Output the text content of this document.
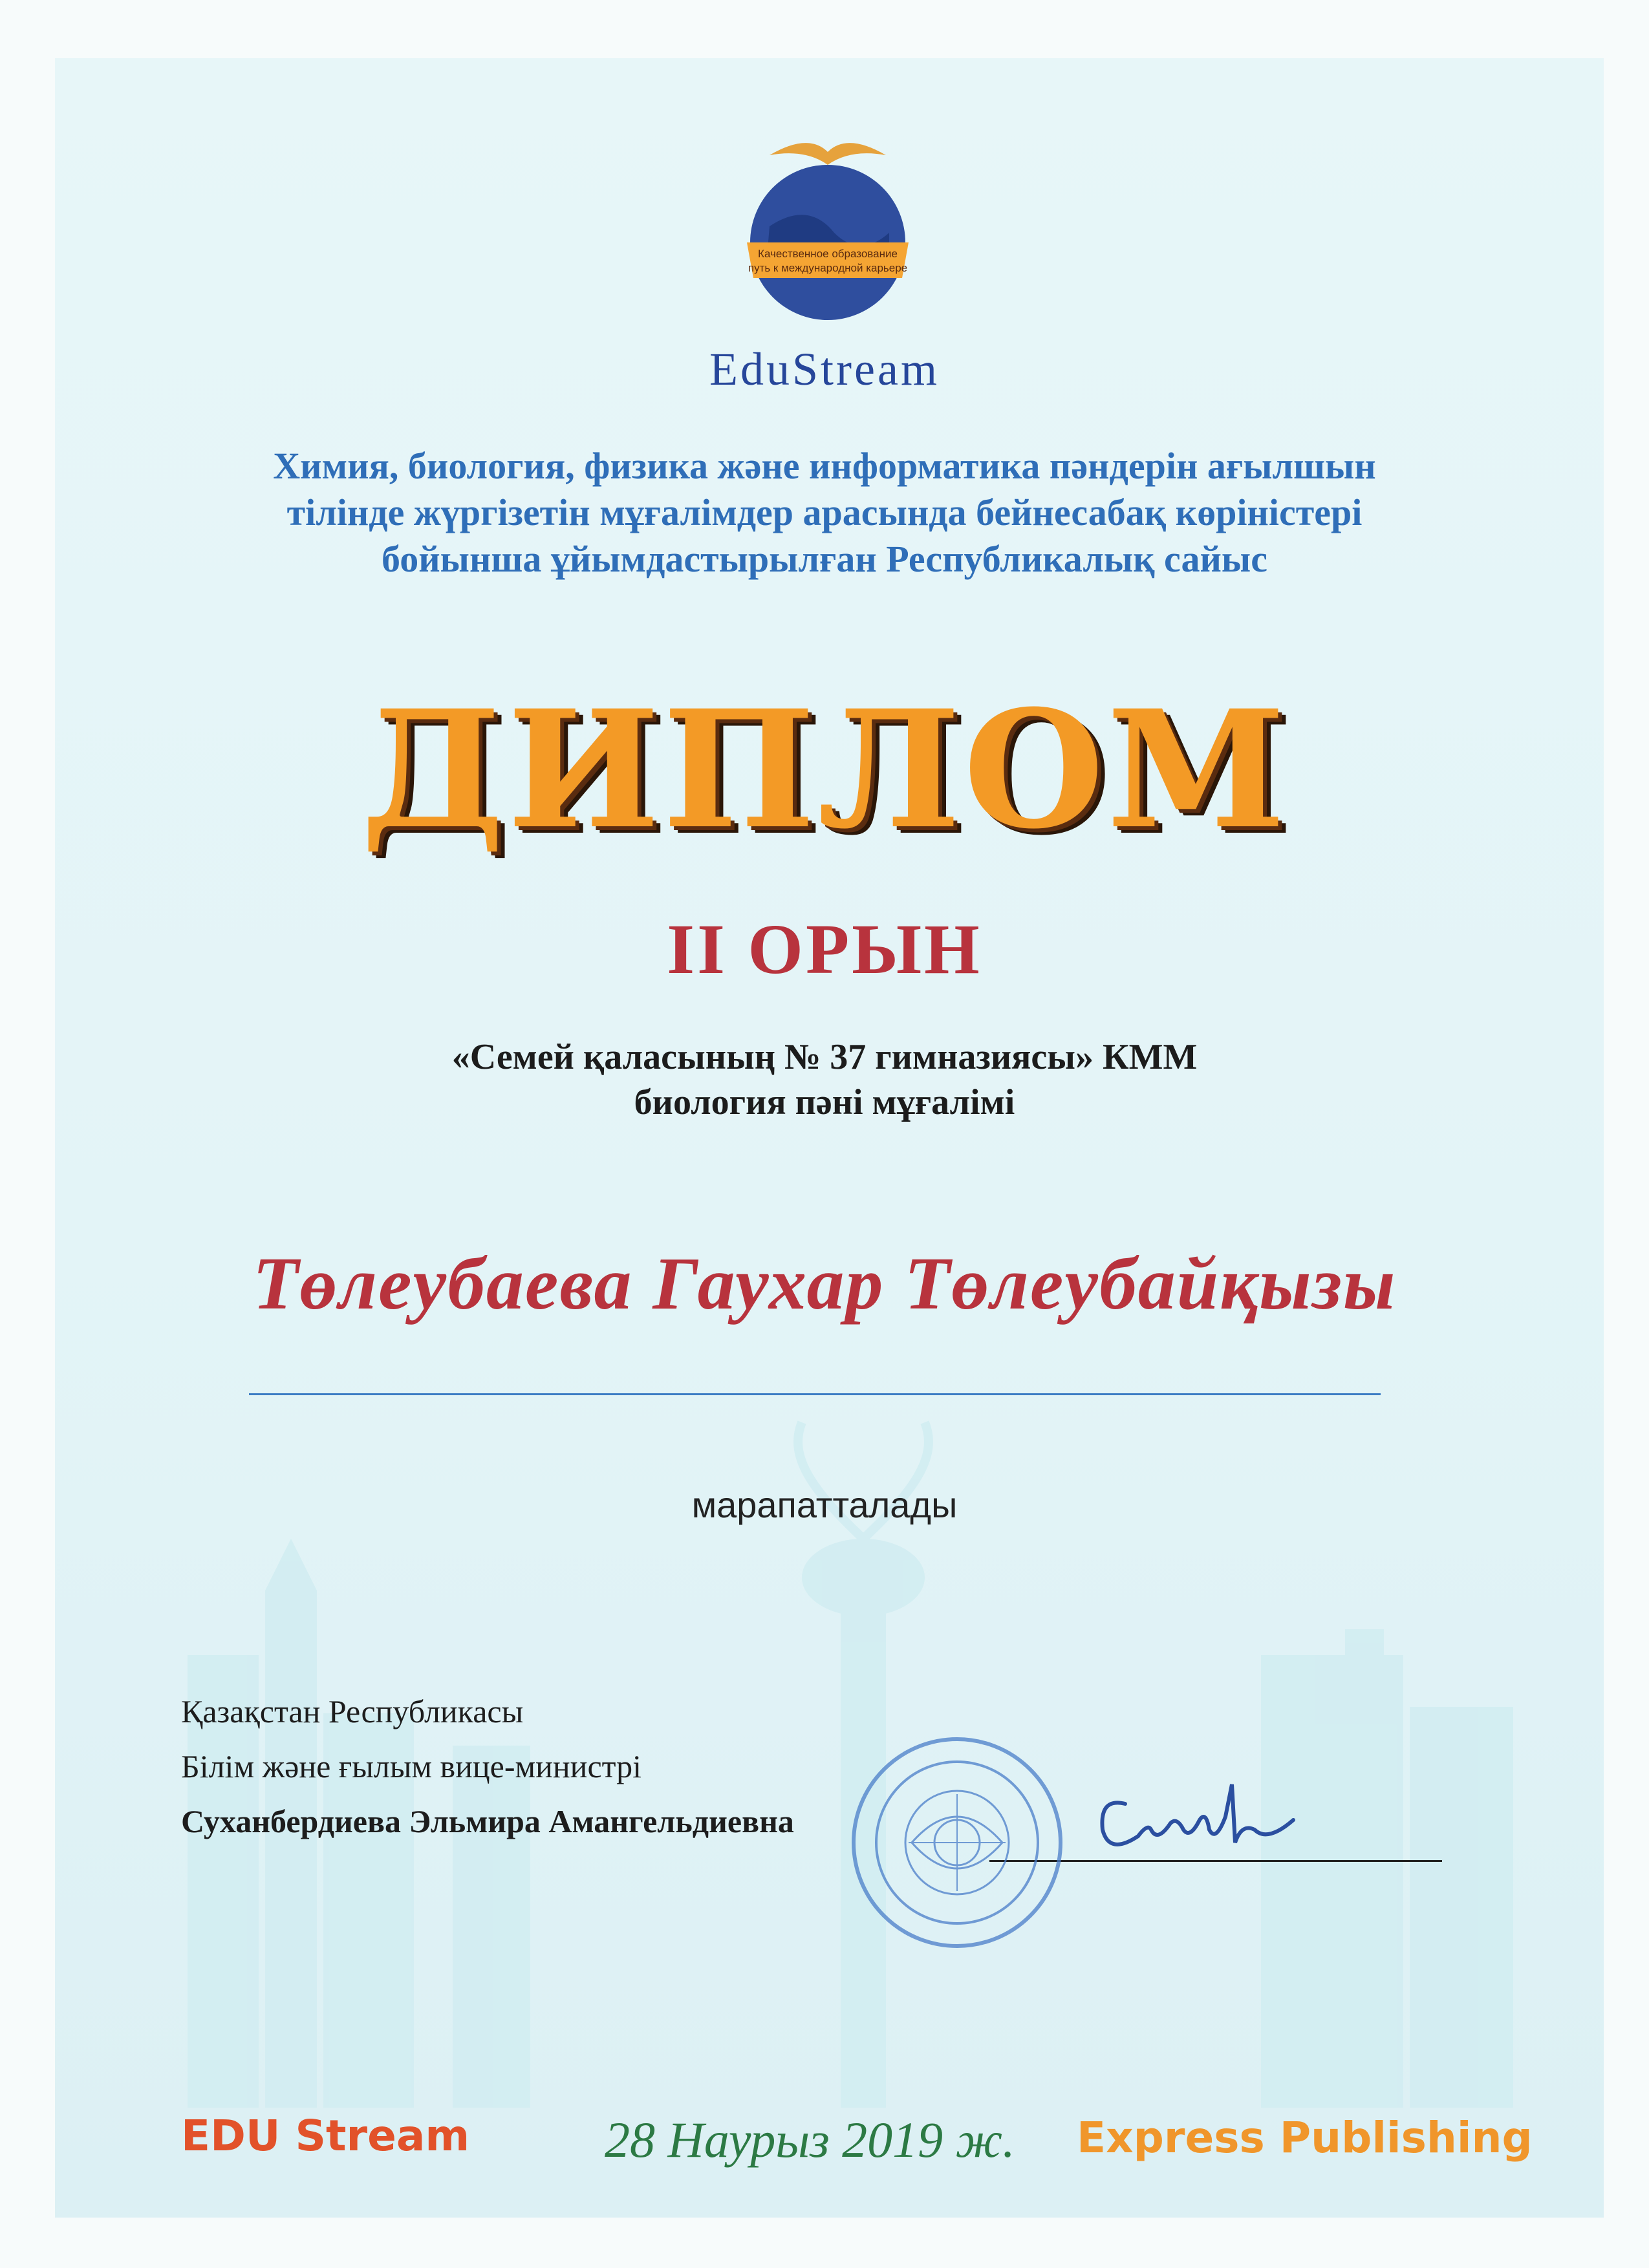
Качественное образование
путь к международной карьере
EduStream
Химия, биология, физика және информатика пәндерін ағылшын
тілінде жүргізетін мұғалімдер арасында бейнесабақ көріністері
бойынша ұйымдастырылған Республикалық сайыс
ДИПЛОМ
II ОРЫН
«Семей қаласының № 37 гимназиясы» КММ
биология пәні мұғалімі
Төлеубаева Гаухар Төлеубайқызы
марапатталады
Қазақстан Республикасы
Білім және ғылым вице-министрі
Суханбердиева Эльмира Амангельдиевна
EDU Stream	28 Наурыз 2019 ж. Express Publishing
